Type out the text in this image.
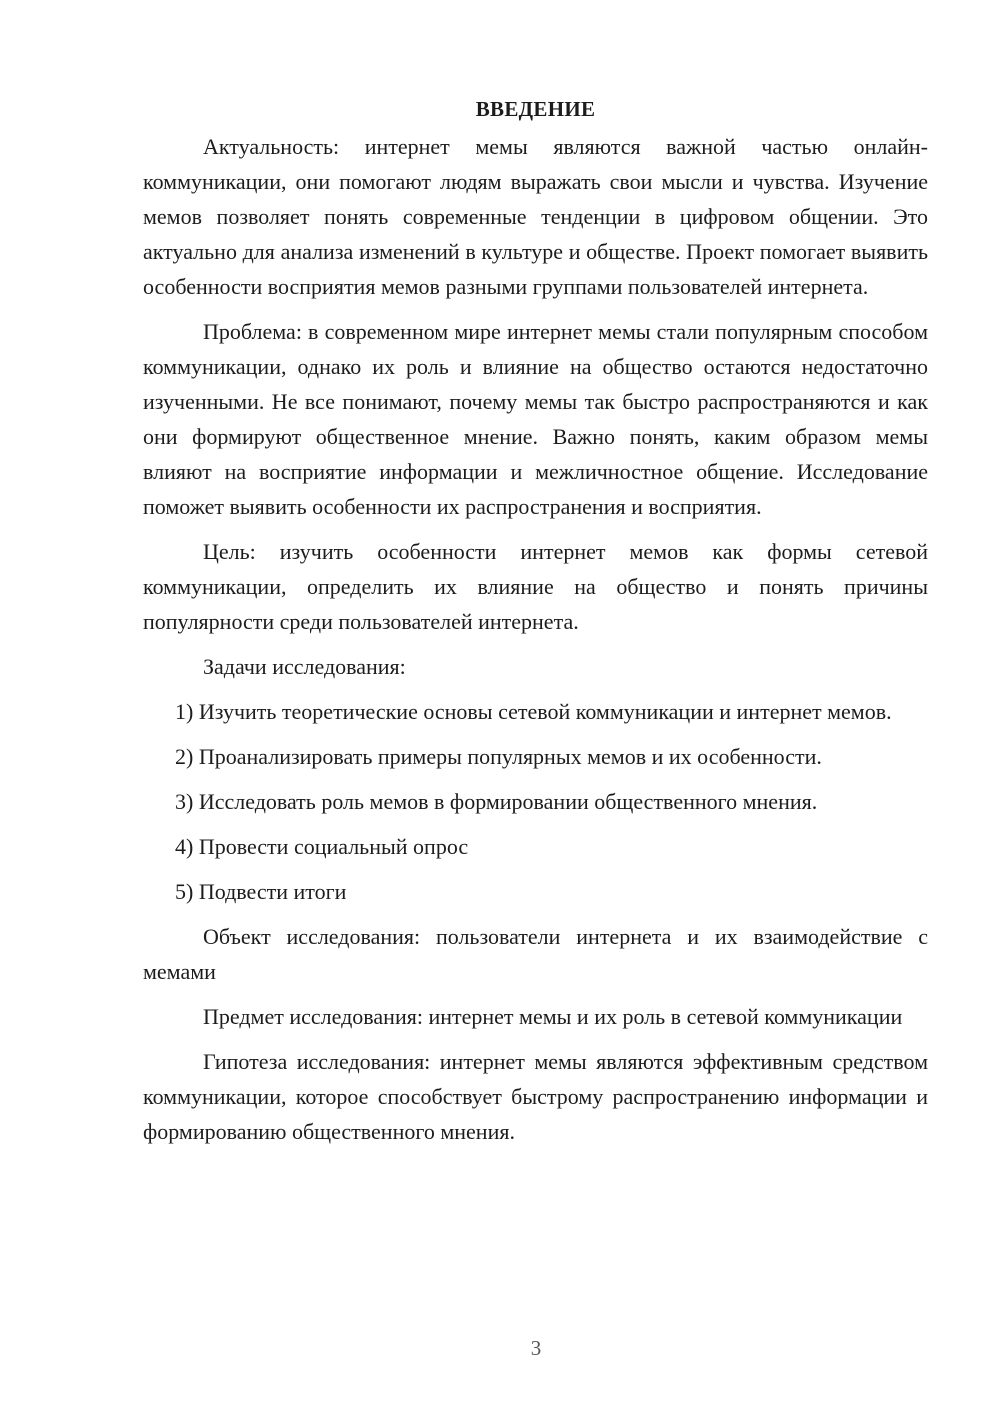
ВВЕДЕНИЕ

Актуальность: интернет мемы являются важной частью онлайн-коммуникации, они помогают людям выражать свои мысли и чувства. Изучение мемов позволяет понять современные тенденции в цифровом общении. Это актуально для анализа изменений в культуре и обществе. Проект помогает выявить особенности восприятия мемов разными группами пользователей интернета.

Проблема: в современном мире интернет мемы стали популярным способом коммуникации, однако их роль и влияние на общество остаются недостаточно изученными. Не все понимают, почему мемы так быстро распространяются и как они формируют общественное мнение. Важно понять, каким образом мемы влияют на восприятие информации и межличностное общение. Исследование поможет выявить особенности их распространения и восприятия.

Цель: изучить особенности интернет мемов как формы сетевой коммуникации, определить их влияние на общество и понять причины популярности среди пользователей интернета.

Задачи исследования:

1) Изучить теоретические основы сетевой коммуникации и интернет мемов.

2) Проанализировать примеры популярных мемов и их особенности.

3) Исследовать роль мемов в формировании общественного мнения.

4) Провести социальный опрос

5) Подвести итоги

Объект исследования: пользователи интернета и их взаимодействие с мемами

Предмет исследования: интернет мемы и их роль в сетевой коммуникации

Гипотеза исследования: интернет мемы являются эффективным средством коммуникации, которое способствует быстрому распространению информации и формированию общественного мнения.

3
